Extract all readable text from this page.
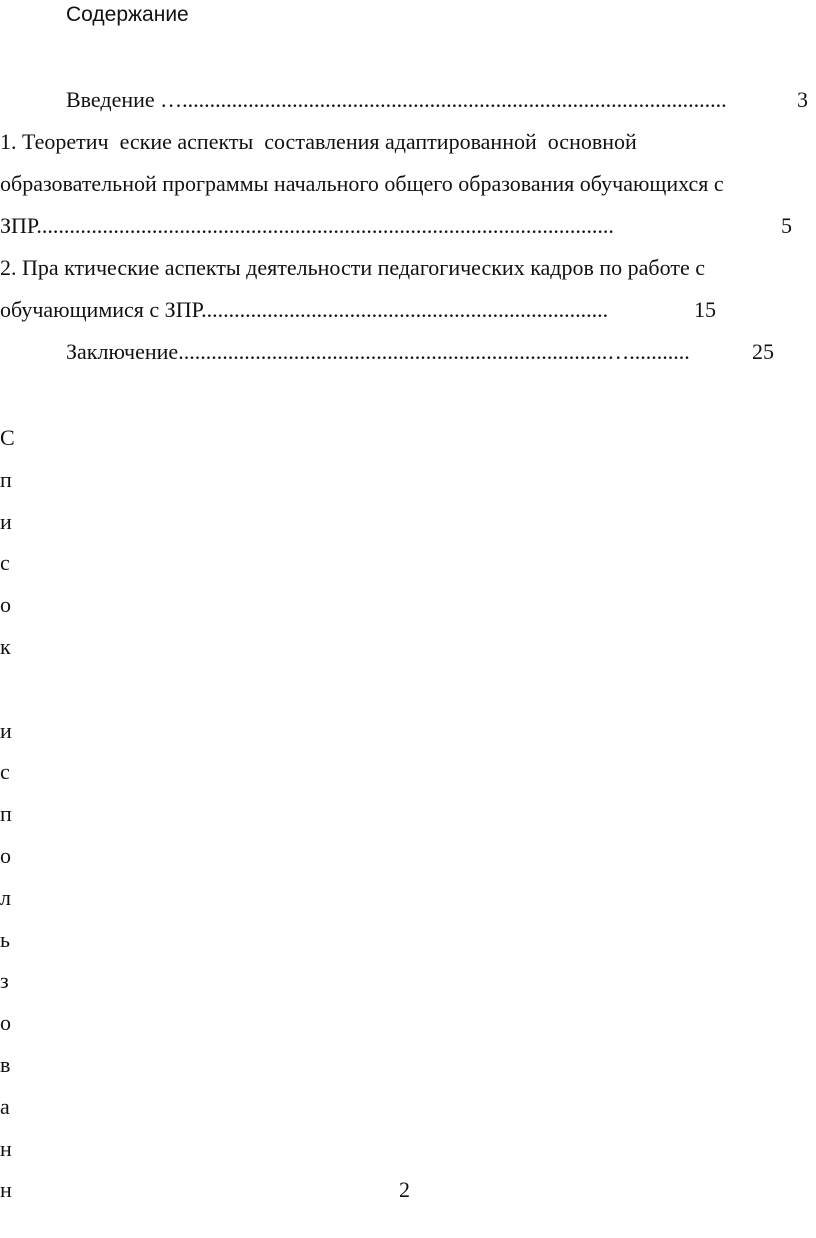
Содержание
Введение …...................................................................................................	3
1. Теоретич  еские аспекты  составления адаптированной  основной
образовательной программы начального общего образования обучающихся с
ЗПР.........................................................................................................	5
2. Пра ктические аспекты деятельности педагогических кадров по работе с
обучающимися с ЗПР..........................................................................	15
Заключение..............................................................................…...........	25
С
п
и
с
о
к
и
с
п
о
л
ь
з
о
в
а
н
н	2
